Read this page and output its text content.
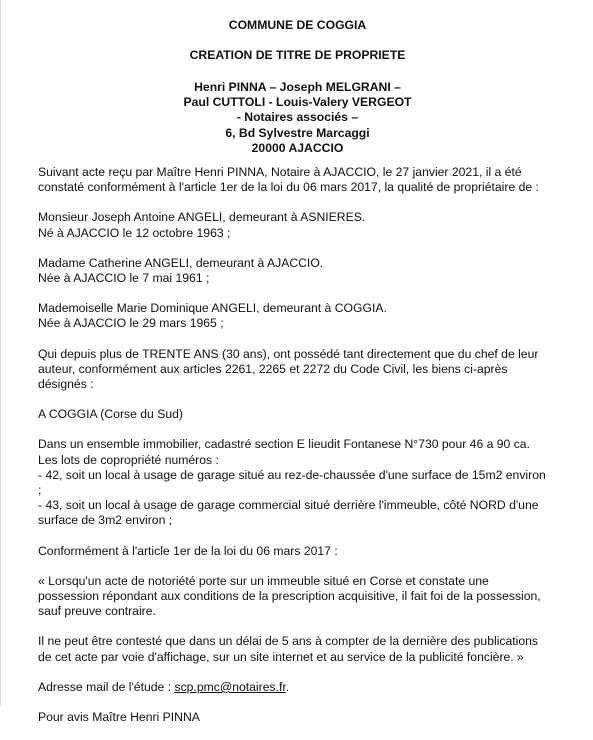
COMMUNE DE COGGIA
CREATION DE TITRE DE PROPRIETE
Henri PINNA – Joseph MELGRANI –
Paul CUTTOLI - Louis-Valery VERGEOT
- Notaires associés –
6, Bd Sylvestre Marcaggi
20000 AJACCIO

Suivant acte reçu par Maître Henri PINNA, Notaire à AJACCIO, le 27 janvier 2021, il a été
constaté conformément à l'article 1er de la loi du 06 mars 2017, la qualité de propriétaire de :

Monsieur Joseph Antoine ANGELI, demeurant à ASNIERES.
Né à AJACCIO le 12 octobre 1963 ;

Madame Catherine ANGELI, demeurant à AJACCIO.
Née à AJACCIO le 7 mai 1961 ;

Mademoiselle Marie Dominique ANGELI, demeurant à COGGIA.
Née à AJACCIO le 29 mars 1965 ;

Qui depuis plus de TRENTE ANS (30 ans), ont possédé tant directement que du chef de leur
auteur, conformément aux articles 2261, 2265 et 2272 du Code Civil, les biens ci-après
désignés :

A COGGIA (Corse du Sud)

Dans un ensemble immobilier, cadastré section E lieudit Fontanese N°730 pour 46 a 90 ca.
Les lots de copropriété numéros :
- 42, soit un local à usage de garage situé au rez-de-chaussée d'une surface de 15m2 environ
;
- 43, soit un local à usage de garage commercial situé derrière l'immeuble, côté NORD d'une
surface de 3m2 environ ;

Conformément à l'article 1er de la loi du 06 mars 2017 :

« Lorsqu'un acte de notoriété porte sur un immeuble situé en Corse et constate une
possession répondant aux conditions de la prescription acquisitive, il fait foi de la possession,
sauf preuve contraire.

Il ne peut être contesté que dans un délai de 5 ans à compter de la dernière des publications
de cet acte par voie d'affichage, sur un site internet et au service de la publicité foncière. »

Adresse mail de l'étude : scp.pmc@notaires.fr.

Pour avis Maître Henri PINNA
